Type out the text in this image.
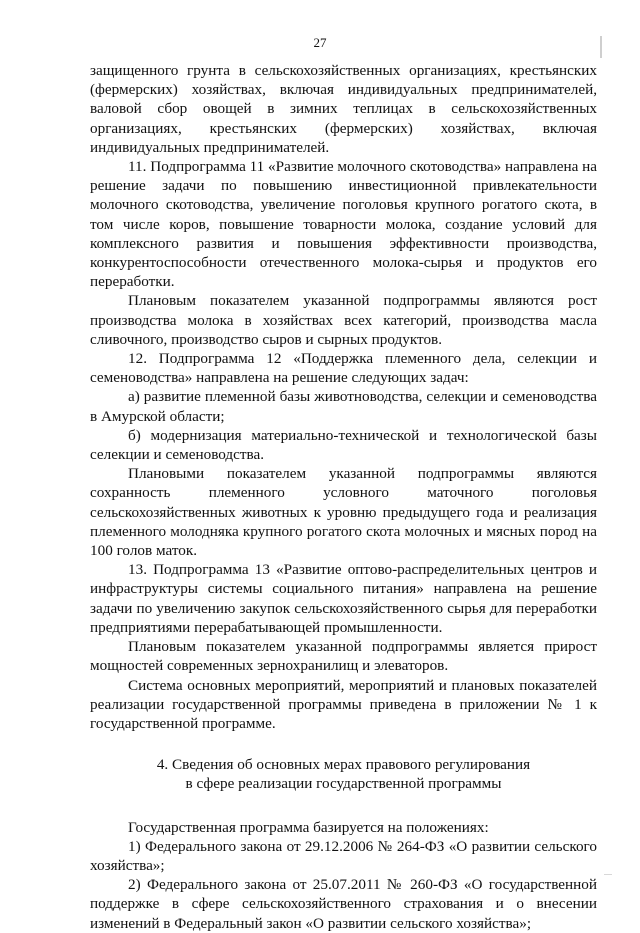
27

защищенного грунта в сельскохозяйственных организациях, крестьянских (фермерских) хозяйствах, включая индивидуальных предпринимателей, валовой сбор овощей в зимних теплицах в сельскохозяйственных организациях, крестьянских (фермерских) хозяйствах, включая индивидуальных предпринимателей.

11. Подпрограмма 11 «Развитие молочного скотоводства» направлена на решение задачи по повышению инвестиционной привлекательности молочного скотоводства, увеличение поголовья крупного рогатого скота, в том числе коров, повышение товарности молока, создание условий для комплексного развития и повышения эффективности производства, конкурентоспособности отечественного молока-сырья и продуктов его переработки.

Плановым показателем указанной подпрограммы являются рост производства молока в хозяйствах всех категорий, производства масла сливочного, производство сыров и сырных продуктов.

12. Подпрограмма 12 «Поддержка племенного дела, селекции и семеноводства» направлена на решение следующих задач:

а) развитие племенной базы животноводства, селекции и семеноводства в Амурской области;

б) модернизация материально-технической и технологической базы селекции и семеноводства.

Плановыми показателем указанной подпрограммы являются сохранность племенного условного маточного поголовья сельскохозяйственных животных к уровню предыдущего года и реализация племенного молодняка крупного рогатого скота молочных и мясных пород на 100 голов маток.

13. Подпрограмма 13 «Развитие оптово-распределительных центров и инфраструктуры системы социального питания» направлена на решение задачи по увеличению закупок сельскохозяйственного сырья для переработки предприятиями перерабатывающей промышленности.

Плановым показателем указанной подпрограммы является прирост мощностей современных зернохранилищ и элеваторов.

Система основных мероприятий, мероприятий и плановых показателей реализации государственной программы приведена в приложении № 1 к государственной программе.

4. Сведения об основных мерах правового регулирования
в сфере реализации государственной программы

Государственная программа базируется на положениях:

1) Федерального закона от 29.12.2006 № 264-ФЗ «О развитии сельского хозяйства»;

2) Федерального закона от 25.07.2011 № 260-ФЗ «О государственной поддержке в сфере сельскохозяйственного страхования и о внесении изменений в Федеральный закон «О развитии сельского хозяйства»;
